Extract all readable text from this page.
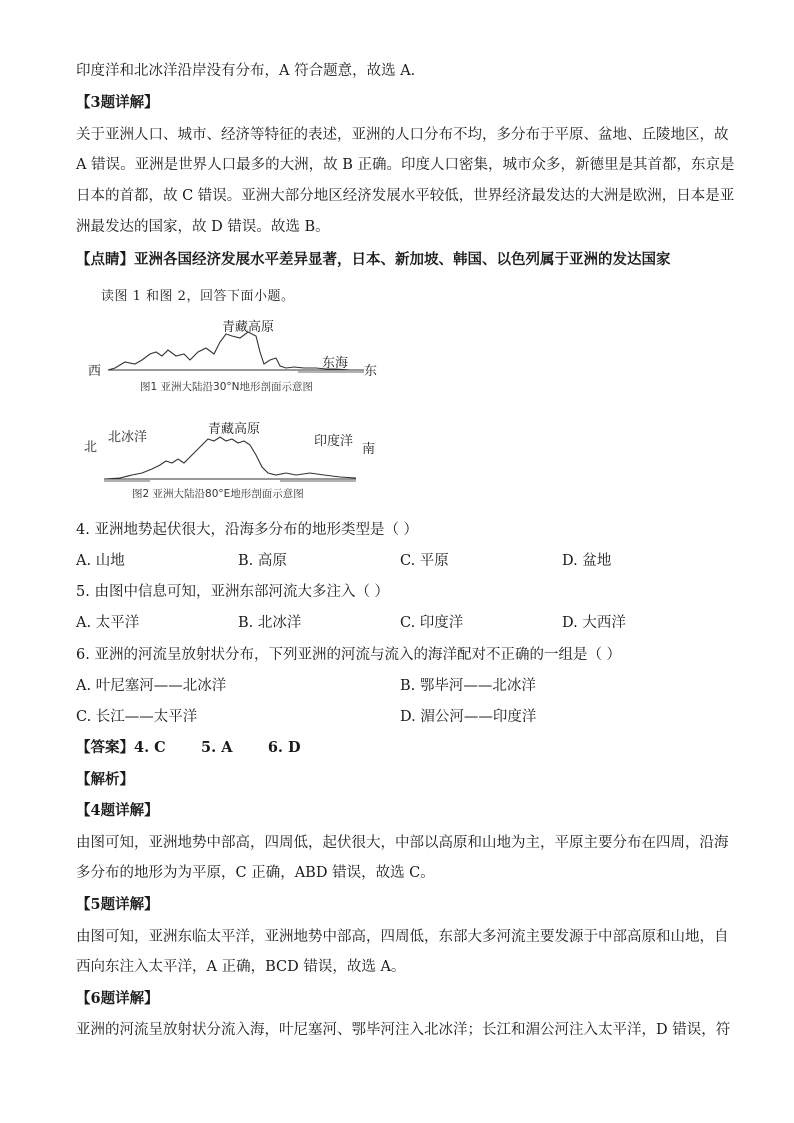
印度洋和北冰洋沿岸没有分布，A 符合题意，故选 A.
【3题详解】
关于亚洲人口、城市、经济等特征的表述，亚洲的人口分布不均，多分布于平原、盆地、丘陵地区，故
A 错误。亚洲是世界人口最多的大洲，故 B 正确。印度人口密集，城市众多，新德里是其首都，东京是
日本的首都，故 C 错误。亚洲大部分地区经济发展水平较低，世界经济最发达的大洲是欧洲，日本是亚
洲最发达的国家，故 D 错误。故选 B。
【点睛】亚洲各国经济发展水平差异显著，日本、新加坡、韩国、以色列属于亚洲的发达国家
读图 1 和图 2，回答下面小题。
青藏高原
东海
西	东
图1 亚洲大陆沿30°N地形剖面示意图
青藏高原
北冰洋	印度洋
北	南
图2 亚洲大陆沿80°E地形剖面示意图
4. 亚洲地势起伏很大，沿海多分布的地形类型是（ ）
A. 山地	B. 高原	C. 平原	D. 盆地
5. 由图中信息可知，亚洲东部河流大多注入（ ）
A. 太平洋	B. 北冰洋	C. 印度洋	D. 大西洋
6. 亚洲的河流呈放射状分布，下列亚洲的河流与流入的海洋配对不正确的一组是（ ）
A. 叶尼塞河——北冰洋	B. 鄂毕河——北冰洋
C. 长江——太平洋	D. 湄公河——印度洋
【答案】4. C       5. A       6. D
【解析】
【4题详解】
由图可知，亚洲地势中部高，四周低，起伏很大，中部以高原和山地为主，平原主要分布在四周，沿海
多分布的地形为为平原，C 正确，ABD 错误，故选 C。
【5题详解】
由图可知，亚洲东临太平洋，亚洲地势中部高，四周低，东部大多河流主要发源于中部高原和山地，自
西向东注入太平洋，A 正确，BCD 错误，故选 A。
【6题详解】
亚洲的河流呈放射状分流入海，叶尼塞河、鄂毕河注入北冰洋；长江和湄公河注入太平洋，D 错误，符
